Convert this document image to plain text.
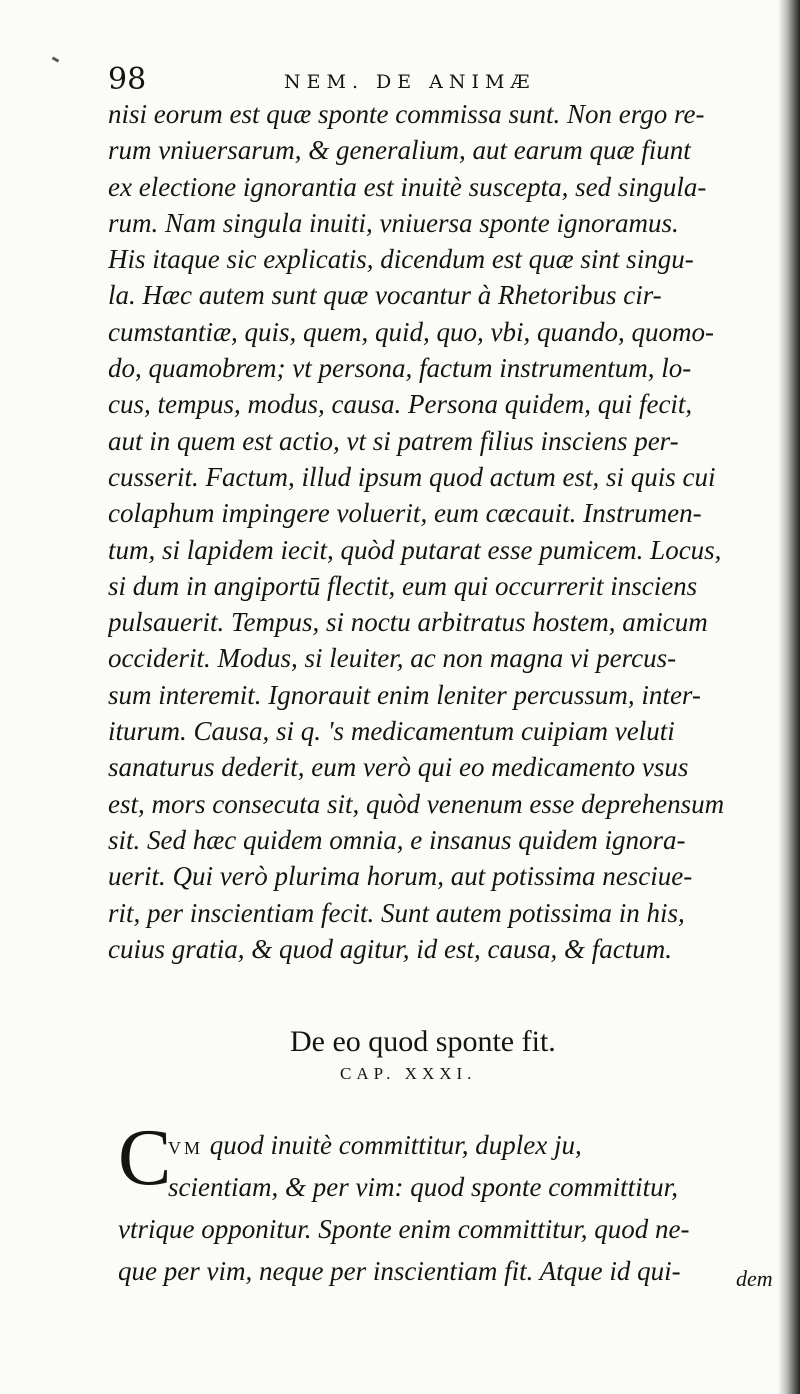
98	NEM. DE ANIMÆ
nisi eorum est quæ sponte commissa sunt. Non ergo re-
rum vniuersarum, & generalium, aut earum quæ fiunt
ex electione ignorantia est inuitè suscepta, sed singula-
rum. Nam singula inuiti, vniuersa sponte ignoramus.
His itaque sic explicatis, dicendum est quæ sint singu-
la. Hæc autem sunt quæ vocantur à Rhetoribus cir-
cumstantiæ, quis, quem, quid, quo, vbi, quando, quomo-
do, quamobrem; vt persona, factum instrumentum, lo-
cus, tempus, modus, causa. Persona quidem, qui fecit,
aut in quem est actio, vt si patrem filius insciens per-
cusserit. Factum, illud ipsum quod actum est, si quis cui
colaphum impingere voluerit, eum cæcauit. Instrumen-
tum, si lapidem iecit, quòd putarat esse pumicem. Locus,
si dum in angiportū flectit, eum qui occurrerit insciens
pulsauerit. Tempus, si noctu arbitratus hostem, amicum
occiderit. Modus, si leuiter, ac non magna vi percus-
sum interemit. Ignorauit enim leniter percussum, inter-
iturum. Causa, si q. 's medicamentum cuipiam veluti
sanaturus dederit, eum verò qui eo medicamento vsus
est, mors consecuta sit, quòd venenum esse deprehensum
sit. Sed hæc quidem omnia, e insanus quidem ignora-
uerit. Qui verò plurima horum, aut potissima nesciue-
rit, per inscientiam fecit. Sunt autem potissima in his,
cuius gratia, & quod agitur, id est, causa, & factum.
De eo quod sponte fit.
CAP. XXXI.
C
VM quod inuitè committitur, duplex ju,
scientiam, & per vim: quod sponte committitur,
vtrique opponitur. Sponte enim committitur, quod ne-
que per vim, neque per inscientiam fit. Atque id qui-	dem
